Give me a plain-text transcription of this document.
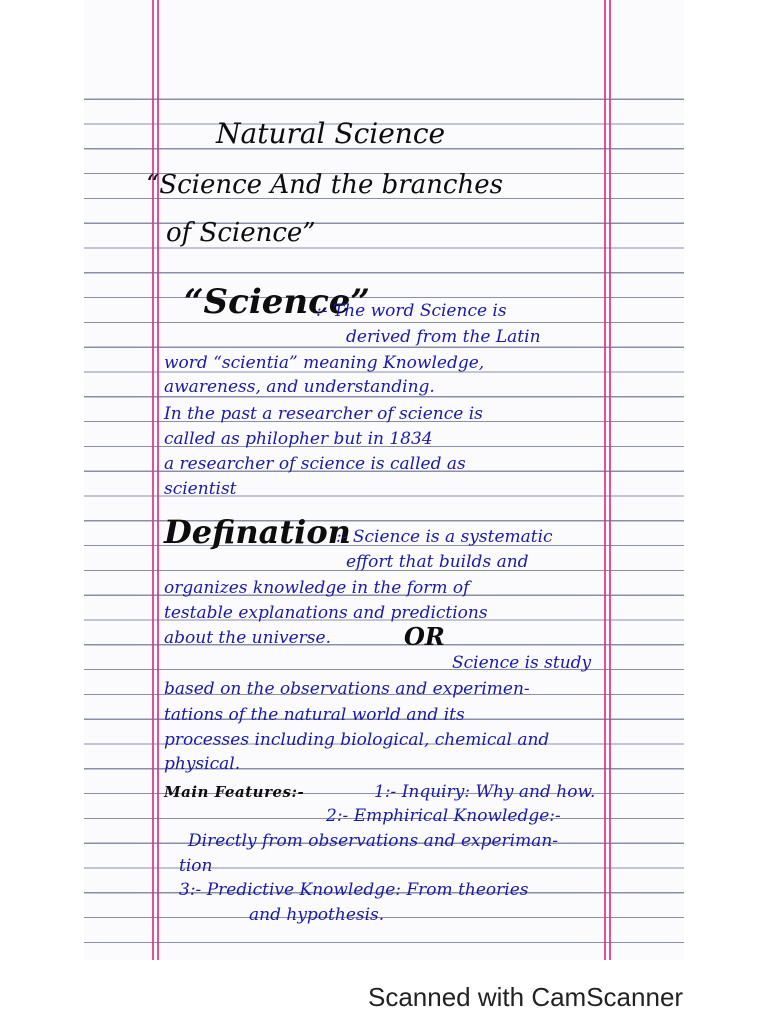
Natural Science
“Science And the branches
of Science”
“Science”
:- The word Science is
derived from the Latin
word “scientia” meaning Knowledge,
awareness, and understanding.
In the past a researcher of science is
called as philopher but in 1834
a researcher of science is called as
scientist
Defination
:- Science is a systematic
effort that builds and
organizes knowledge in the form of
testable explanations and predictions
about the universe.	OR
Science is study
based on the observations and experimen-
tations of the natural world and its
processes including biological, chemical and
physical.
Main Features:-	1:- Inquiry: Why and how.
2:- Emphirical Knowledge:-
Directly from observations and experiman-
tion
3:- Predictive Knowledge: From theories
and hypothesis.
Scanned with CamScanner
